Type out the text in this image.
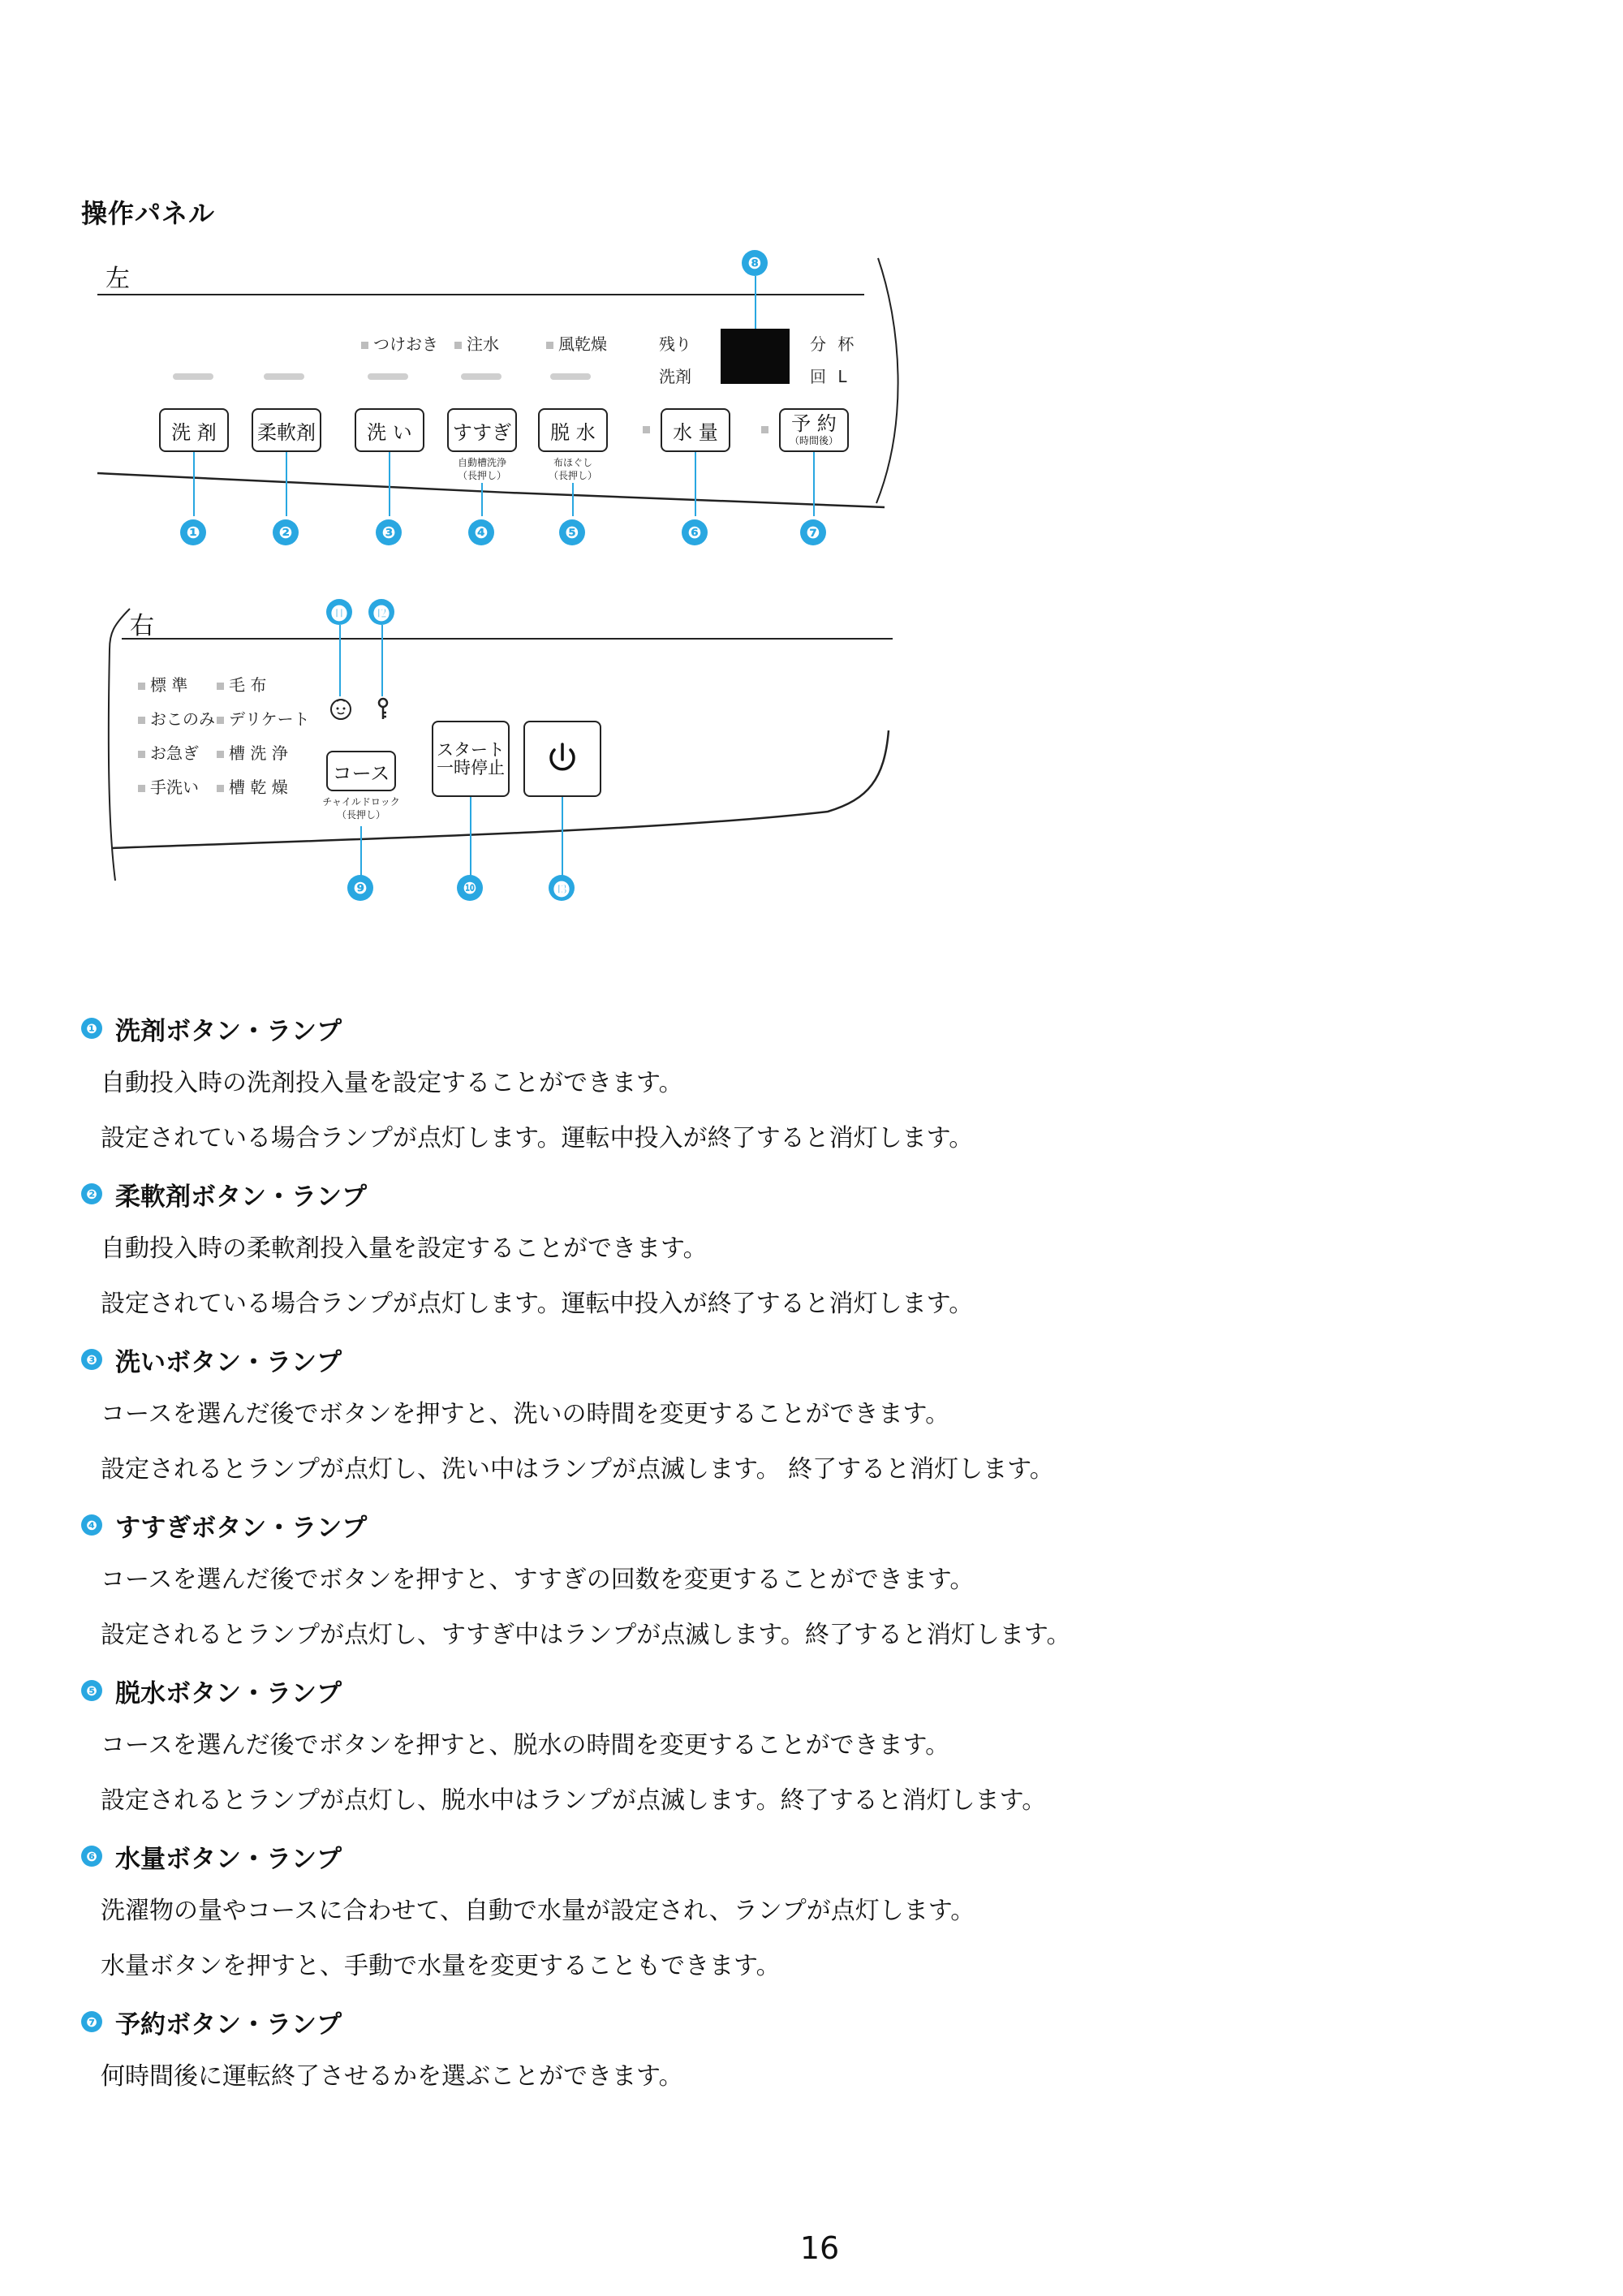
操作パネル
左
つけおき	注水	風乾燥	残り
洗剤
分 杯
回 L
洗 剤	柔軟剤	洗 い	すすぎ	脱 水	水 量	予 約
（時間後）
自動槽洗浄
（長押し）
布ほぐし
（長押し）
❶	❷	❸	❹	❺	❻	❼
❽
右
標 準
おこのみ
お急ぎ
手洗い
毛 布
デリケート
槽 洗 浄
槽 乾 燥
コース
チャイルドロック
（長押し）
スタート
一時停止
⓫	⓬
❾	❿	⓭
❶ 洗剤ボタン・ランプ
自動投入時の洗剤投入量を設定することができます。
設定されている場合ランプが点灯します。運転中投入が終了すると消灯します。
❷ 柔軟剤ボタン・ランプ
自動投入時の柔軟剤投入量を設定することができます。
設定されている場合ランプが点灯します。運転中投入が終了すると消灯します。
❸ 洗いボタン・ランプ
コースを選んだ後でボタンを押すと、洗いの時間を変更することができます。
設定されるとランプが点灯し、洗い中はランプが点滅します。 終了すると消灯します。
❹ すすぎボタン・ランプ
コースを選んだ後でボタンを押すと、すすぎの回数を変更することができます。
設定されるとランプが点灯し、すすぎ中はランプが点滅します。終了すると消灯します。
❺ 脱水ボタン・ランプ
コースを選んだ後でボタンを押すと、脱水の時間を変更することができます。
設定されるとランプが点灯し、脱水中はランプが点滅します。終了すると消灯します。
❻ 水量ボタン・ランプ
洗濯物の量やコースに合わせて、自動で水量が設定され、ランプが点灯します。
水量ボタンを押すと、手動で水量を変更することもできます。
❼ 予約ボタン・ランプ
何時間後に運転終了させるかを選ぶことができます。
16
